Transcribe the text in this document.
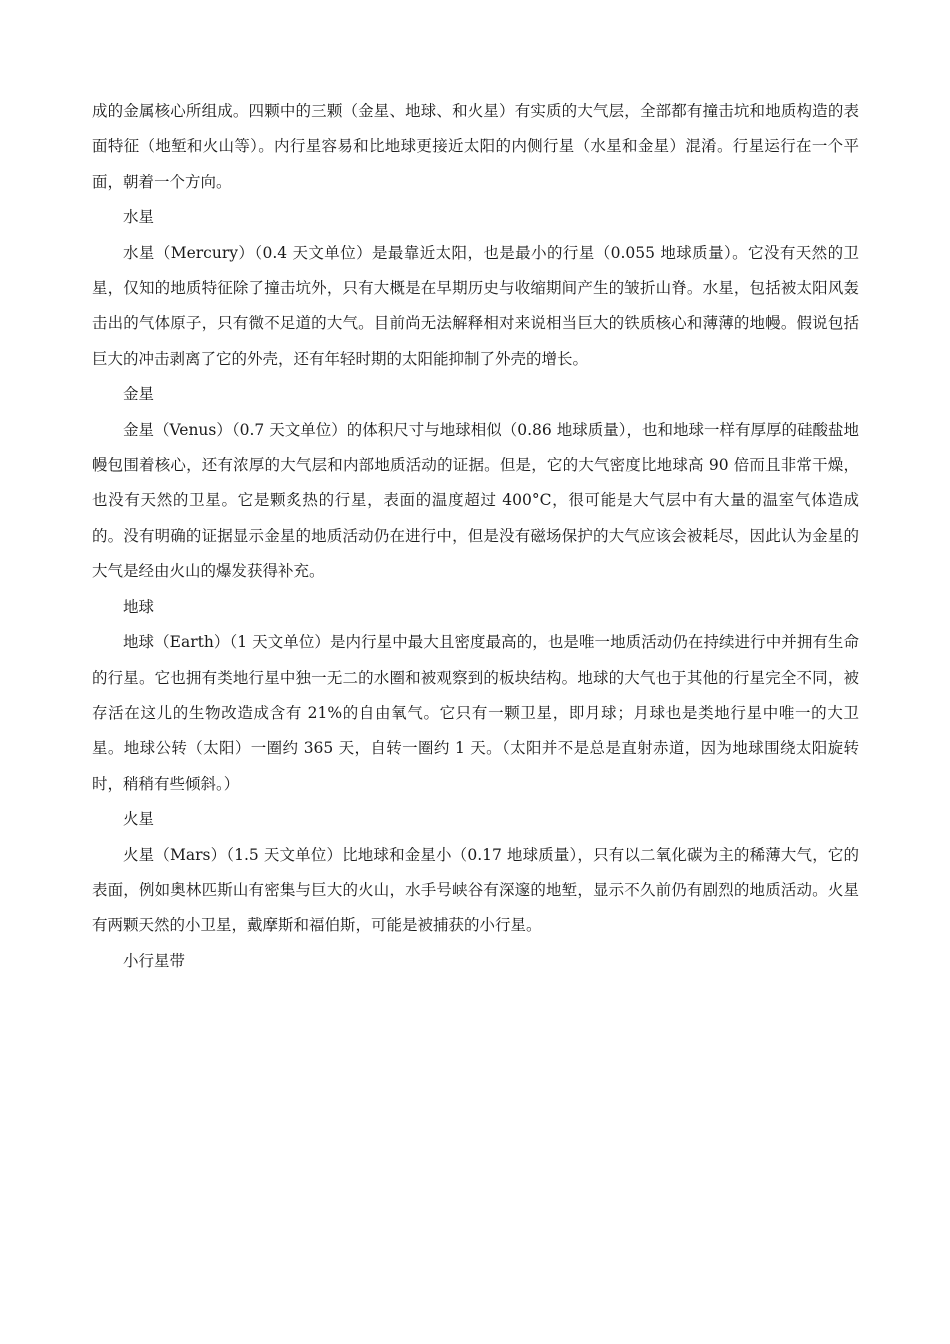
成的金属核心所组成。四颗中的三颗（金星、地球、和火星）有实质的大气层，全部都有撞击坑和地质构造的表面特征（地堑和火山等）。内行星容易和比地球更接近太阳的内侧行星（水星和金星）混淆。行星运行在一个平面，朝着一个方向。

水星

水星（Mercury）（0.4 天文单位）是最靠近太阳，也是最小的行星（0.055 地球质量）。它没有天然的卫星，仅知的地质特征除了撞击坑外，只有大概是在早期历史与收缩期间产生的皱折山脊。水星，包括被太阳风轰击出的气体原子，只有微不足道的大气。目前尚无法解释相对来说相当巨大的铁质核心和薄薄的地幔。假说包括巨大的冲击剥离了它的外壳，还有年轻时期的太阳能抑制了外壳的增长。

金星

金星（Venus）（0.7 天文单位）的体积尺寸与地球相似（0.86 地球质量），也和地球一样有厚厚的硅酸盐地幔包围着核心，还有浓厚的大气层和内部地质活动的证据。但是，它的大气密度比地球高 90 倍而且非常干燥，也没有天然的卫星。它是颗炙热的行星，表面的温度超过 400°C，很可能是大气层中有大量的温室气体造成的。没有明确的证据显示金星的地质活动仍在进行中，但是没有磁场保护的大气应该会被耗尽，因此认为金星的大气是经由火山的爆发获得补充。

地球

地球（Earth）（1 天文单位）是内行星中最大且密度最高的，也是唯一地质活动仍在持续进行中并拥有生命的行星。它也拥有类地行星中独一无二的水圈和被观察到的板块结构。地球的大气也于其他的行星完全不同，被存活在这儿的生物改造成含有 21%的自由氧气。它只有一颗卫星，即月球；月球也是类地行星中唯一的大卫星。地球公转（太阳）一圈约 365 天，自转一圈约 1 天。（太阳并不是总是直射赤道，因为地球围绕太阳旋转时，稍稍有些倾斜。）

火星

火星（Mars）（1.5 天文单位）比地球和金星小（0.17 地球质量），只有以二氧化碳为主的稀薄大气，它的表面，例如奥林匹斯山有密集与巨大的火山，水手号峡谷有深邃的地堑，显示不久前仍有剧烈的地质活动。火星有两颗天然的小卫星，戴摩斯和福伯斯，可能是被捕获的小行星。

小行星带
